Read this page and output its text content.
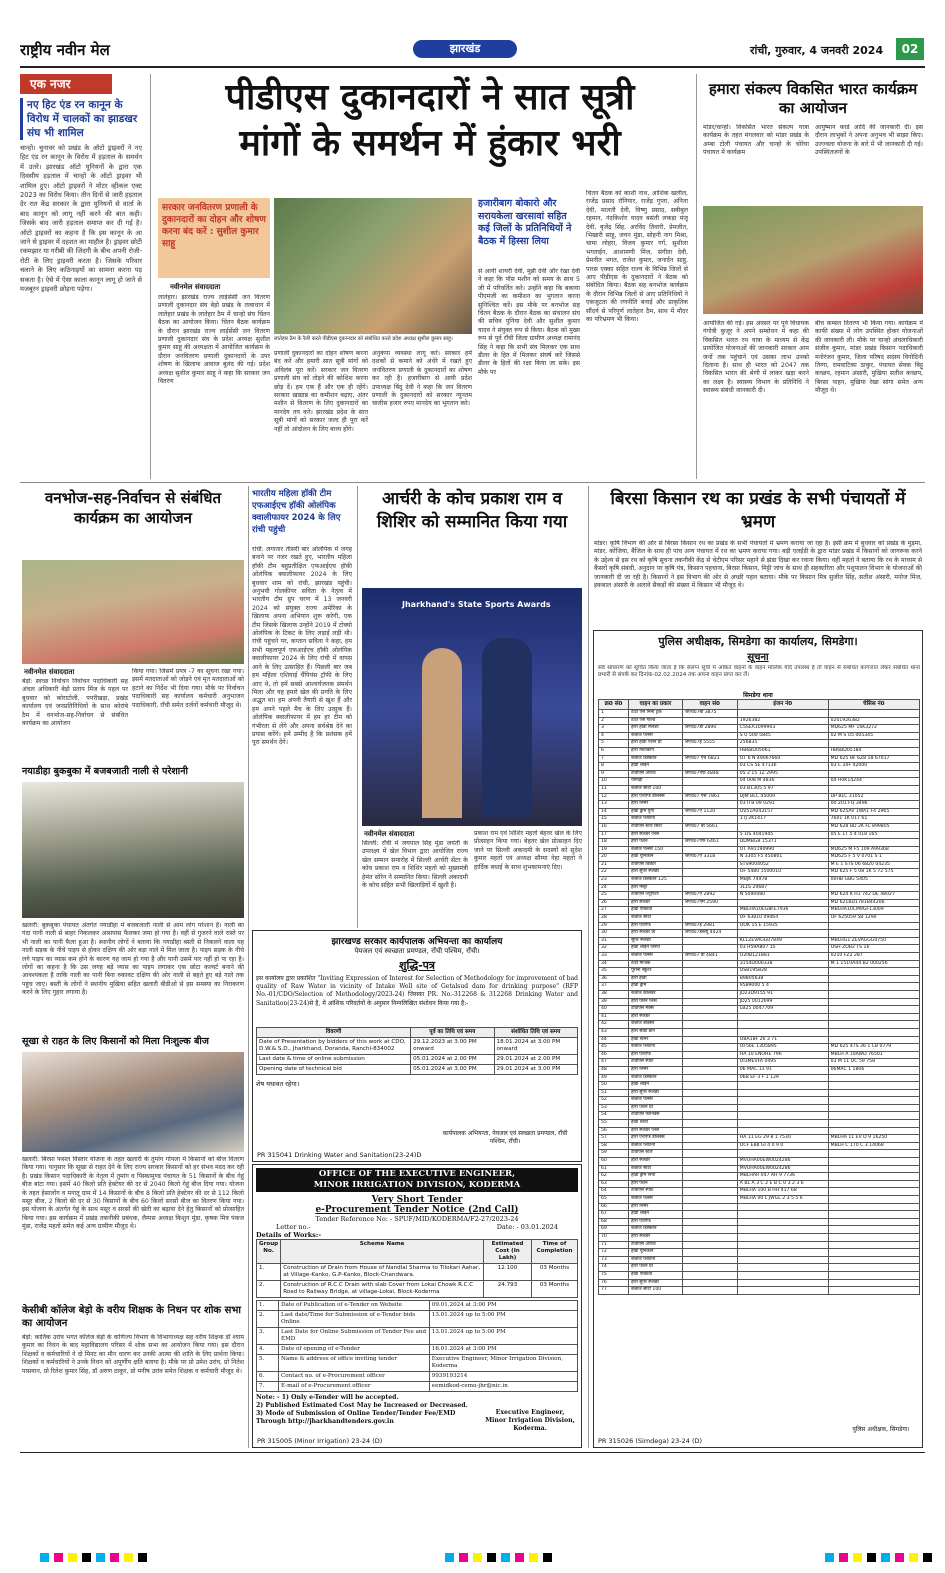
राष्ट्रीय नवीन मेल	झारखंड	रांची, गुरुवार, 4 जनवरी 2024	02
एक नजर
नए हिट एंड रन कानून के विरोध में चालकों का झाडखर संघ भी शामिल
चान्हो। चुनावर को प्रखंड के ऑटो ड्राइवरों ने नए हिट एंड रन कानून के विरोध में हड़ताल के समर्थन में उतरे। झारखंड ऑटो यूनियनों के द्वारा एक दिवसीय हड़ताल में चान्हो के ऑटो ड्राइवर भी शामिल हुए। ऑटो ड्राइवरों ने मोटर व्हीकल एक्ट 2023 का विरोध किया। तीन दिनों से जारी हड़ताल देर रात केंद्र सरकार के द्वारा यूनियनों से वार्ता के बाद कानून को लागू नहीं करने की बात कही। जिसके बाद जारी हड़ताल समाप्त कर दी गई है। ऑटो ड्राइवरों का कहना है कि इस कानून के आ जाने से ड्राइवर में दहशत का माहौल है। ड्राइवर छोटी रकमझार या गरीबी की जिंदगी के बीच अपनी रोजी-रोटी के लिए ड्राइवरी करता है। जिसके परिवार चलाने के लिए कठिनाइयों का सामना करना पड़ सकता है। ऐसे में ऐसा काला कानून लागू हो जाने से मजबूरन ड्राइवरी छोड़ना पड़ेगा।
पीडीएस दुकानदारों ने सात सूत्री
मांगों के समर्थन में हुंकार भरी
सरकार जनवितरण प्रणाली के दुकानदारों का दोहन और शोषण करना बंद करें : सुशील कुमार साहू
लातेहार ठैम के रैली करते पीडीएस दुकानदार को संबोधित करते प्रदेश अध्यक्ष सुशील कुमार साहू।
नवीनमेल संवाददाता
लातेहार। झारखंड राज्य लाईसेंसी जन वितरण प्रणाली दुकानदार संघ बेड़ो प्रखंड के तत्वाधान में लातेहार प्रखंड के लातेहार ठैम में चान्हो संघ चिंतन बैठक का आयोजन किया। चिंतन बैठक कार्यक्रम के दौरान झारखंड राज्य लाईसेंसी जन वितरण प्रणाली दुकानदार संघ के प्रदेश अध्यक्ष सुशील कुमार साहू की अध्यक्षता में आयोजित कार्यक्रम के दौरान जनवितरण प्रणाली दुकानदारों के उपर शोषण के खिलाफ आवाज बुलंद की गई। प्रदेश अध्यक्ष सुशील कुमार साहू ने कहा कि सरकार जन वितरण
प्रणाली दुकानदारों का दोहन शोषण करना बंद करें और हमारी सात सूत्री मांगों को अविलंब पूरा करें। सरकार जन वितरण प्रणाली संघ को तोड़ने की कोशिश करना छोड़ दें। हम एक हैं और एक ही रहेंगे। सरकार खाद्यान्न का कमीशन बढ़ाए, अंतर मशीन से वितरण के लिए दुकानदारों का मानदेय तय करे। झारखंड प्रदेश के सात सूत्री मांगों को सरकार जल्द ही पूरा करें नहीं तो आंदोलन के लिए बाध्य होंगे।
अनुकंपा व्यवस्था लागू करें। सरकार हमें दशकों से कमाने को अंधेरे में रखते हुए जनवितरण प्रणाली के दुकानदारों का शोषण कर रही है। हजारीबाग से आयी प्रदेश उपाध्यक्ष बिंदु देवी ने कहा कि जन वितरण प्रणाली के दुकानदारों को सरकार न्यूनतम चालीस हजार रुपए मानदेय का भुगतान करे।
हजारीबाग बोकारो और सरायकेला खरसावां सहित कई जिलों के प्रतिनिधियों ने बैठक में हिस्सा लिया
से आयी शायरी देवी, मुन्नी देवी और रेखा देवी ने कहा कि पॉस मशीन को समय के साथ 5 जी में परिवर्तित करे। उन्होंने कहा कि बकाया पीएमजी का कमीशन का भुगतान करना सुनिश्चित करें। इस मौके पर बनभोज सह चिंतन बैठक के दौरान बैठक का संचालन संघ की सचिव पुनिया देवी और सुशील कुमार यादव ने संयुक्त रूप से किया। बैठक को मुख्य रूप से पूर्व राँची जिला ग्रामीण अध्यक्ष रामानंद सिंह ने कहा कि सभी संघ मिलकर एक साथ डीलर के हित में मिलकर संघर्ष करें जिससे डीलर के हितों की रक्षा किया जा सके। इस मौके पर
चिंतन बैठक को काशी नाथ, आशिक खलील, राजेंद्र प्रसाद रॉनियार, राजेंद्र गुप्ता, अनिता देवी, मालती देवी, विष्णु प्रसाद, सबीबुल रहमान, नंदकिशोर यादव बसंती लकड़ा मंजू देवी, बृजेंद्र सिंह, अरविंद तिवारी, प्रेमजीत, भिखारी साहू, जयन मुंडा, सोहनी नाग मिश्रा, चामा लोहरा, विजय कुमार गर्ग, सुशीला भगताईन, आशामणी मिंज, संगीता देवी, प्रेमनीत भगत, राजेश कुमार, जनार्दन साहू, पारस एक्का सहित राज्य के विभिन्न जिलों से आए पीडीएस के दुकानदारों ने बैठक को संबोधित किया। बैठक सह बनभोज कार्यक्रम के दौरान विभिन्न जिलों से आए प्रतिनिधियों ने एकजुटता की रणनीति बनाई और प्राकृतिक सौंदर्य से परिपूर्ण लातेहार ठैम, साथ में मौदर का परिभ्रमण भी किया।
हमारा संकल्प विकसित भारत कार्यक्रम का आयोजन
मांडर/चान्हो। विकसित भारत संकल्प यात्रा कार्यक्रम के तहत मंगलवार को मांडर प्रखंड के अम्बा टोली पंचायत और चान्हो के चोरेया पंचायत में कार्यक्रम
आयुष्मान कार्ड आदि की जानकारी दी। इस दौरान लाभुकों ने अपना अनुभव भी साझा किए। उज्ज्वला योजना के बारे में भी जानकारी दी गई। उपस्थितजनों के
आयोजित की गई। इस अवसर पर पूर्व विधायक गंगोत्री कुजूर ने अपने सम्बोधन में कहा की विकसित भारत रथ यात्रा के माध्यम से केंद्र प्रायोजित योजनाओं की जानकारी सरकार आम जनों तक पहुंचाने एवं उसका लाभ उनको दिलाना है। साथ ही भारत को 2047 तक विकसित भारत की श्रेणी में लाकर खड़ा करने का लक्ष्य है। स्वास्थ्य विभाग के प्रतिनिधि ने स्वास्थ्य संबंधी जानकारी दी।
बीच कम्बल वितरण भी किया गया। कार्यक्रम में काफी संख्या में लोग उपस्थित होकर योजनाओं की जानकारी ली। मौके पर चान्हो अंचलाधिकारी संजीव कुमार, मांडर प्रखंड किसान पदाधिकारी मनोरंजन कुमार, जिला परिषद सदस्य विनोदिनी तिग्गा, रामवाटिका ठाकुर, पंचायत सेवक बिट्टू कच्छप, रहमान अंसारी, मुखिया सतीश कच्छप, बिरसा पाहन, मुखिया रेखा सांगा समेत अन्य मौजूद थे।
वनभोज-सह-निर्वाचन से संबंधित कार्यक्रम का आयोजन
नवीनमेल संवाददाता
बेड़ो: स्वच्छ निर्वाचन निर्वाचन पदाधिकारी सह अंचल अधिकारी बेड़ो प्रताप मिंज के पहल पर बुधवार को कोराटोली, पपरीखड़ा, प्रखंड कार्यालय एवं जनप्रतिनिधियों के साथ कोरांबे ठैम में वनभोज-सह-निर्वाचन से संबंधित कार्यक्रम का आयोजन
किया गया। जिसमें प्रपत्र -7 का सूचना रखा गया। इसमें मतदाताओं को जोड़ने एवं मृत मतदाताओं को हटाने का निर्देश भी दिया गया। मौके पर निर्वाचन पदाधिकारी सह कार्यालय कर्मचारी अनुभाजन पदाधिकारी, राँची समेत दर्जनों कर्मचारी मौजूद थे।
नयाडीहा बुकबुका में बजबजाती नाली से परेशानी
खलारी: बुकबुका पंचायत अंतर्गत नयाडीहा में बजबजाती नाली से आम लोग परेशान हैं। नाली का गंदा पानी नाली से बाहर निकलकर आसपास फैलकर जमा हो गया है। वहीं से गुजरने वाले रास्ते पर भी नाली का पानी फैला हुआ है। स्थानीय लोगों ने बताया कि नयाडीहा बस्ती से निकलने वाला यह नाली सड़क के नीचे पाइप से होकर दक्षिण की ओर बड़ा नाले में मिल जाता है। पाइप सड़क के नीचे लगे पाइप का व्यास कम होने के कारण यह जाम हो गया है और पानी उसमें पार नहीं हो पा रहा है। लोगों का कहना है कि उस जगह बड़े व्यास का पाइप लगाकर एक छोटा कल्वर्ट बनाने की आवश्यकता है ताकि नाली का पानी बिना रुकावट दक्षिण की ओर नाली से बहते हुए बड़े नाले तक पहुंच जाए। बस्ती के लोगों ने स्थानीय मुखिया सहित खलारी बीडीओ से इस समस्या का निराकरण करने के लिए गुहार लगाया है।
सूखा से राहत के लिए किसानों को मिला निःशुल्क बीज
खलारी: बिरसा फसल विस्तार योजना के तहत खलारी के तुमांग गोपला में किसानों को बीज वितरण किया गया। यानुसार कि सूखा से राहत देने के लिए राज्य सरकार किसानों को हर संभव मदद कर रही है। प्रखंड किसान पदाधिकारी के नेतृत्व में तुमांग व पिस्कामुण्ड पंचायत के 51 किसानों के बीच गेहूं बीज बांटा गया। इसमें 40 किलो प्रति हेक्टेयर की दर से 2040 किलो गेहूं बीज दिया गया। योजना के तहत हेसालोंग व मनातू ग्राम में 14 किसानों के बीच 8 किलो प्रति हेक्टेयर की दर से 112 किलो मसूर बीज, 2 किलो की दर से 30 किसानों के बीच 60 किलो सरसों बीज का वितरण किया गया। इस योजना के अंतर्गत गेहूं के साथ मसूर व सरसों की खेती का बढ़ावा देने हेतु किसानों को प्रोत्साहित किया गया। इस कार्यक्रम में प्रखंड तकनीकी प्रबंधक, लैम्पस अध्यक्ष किशुन मुंडा, कृषक मित्र पंकज मुंडा, राजेंद्र महतो समेत कई अन्य ग्रामीण मौजूद थे।
केसीबी कॉलेज बेड़ो के वरीय शिक्षक के निधन पर शोक सभा का आयोजन
बेड़ो: कार्तिक उरांव भगत कॉलेज बेड़ो के वाणिज्य विभाग के विभागाध्यक्ष सह वरीय शिक्षक डॉ श्याम कुमार का निधन के बाद महाविद्यालय परिसर में शोक सभा का आयोजन किया गया। इस दौरान शिक्षकों व कर्मचारियों ने दो मिनट का मौन धारण कर उनकी आत्मा की शांति के लिए प्रार्थना किया। शिक्षकों व कर्मचारियों ने उनके निधन को अपूर्णीय क्षति बताया है। मौके पर प्रो उमेश उरांव, प्रो नितेश पासवान, प्रो रितेश कुमार सिंह, डॉ अरुण ठाकुर, प्रो मनीष उरांव समेत शिक्षक व कर्मचारी मौजूद थे।
भारतीय महिला हॉकी टीम एफआईएच हॉकी ओलंपिक क्वालीफायर 2024 के लिए रांची पहुंची
रांची: लगातार तीसरी बार ओलंपिक में जगह बनाने पर नजर रखते हुए, भारतीय महिला हॉकी टीम बहुप्रतीक्षित एफआईएच हॉकी ओलंपिक क्वालीफायर 2024 के लिए बुधवार शाम को रांची, झारखंड पहुंची। अनुभवी गोलकीपर सविता के नेतृत्व में भारतीय टीम ग्रुप चरण में 13 जनवरी 2024 को संयुक्त राज्य अमेरिका के खिलाफ अपना अभियान शुरू करेगी, एक टीम जिसके खिलाफ उन्होंने 2019 में टोक्यो ओलंपिक के टिकट के लिए लड़ाई लड़ी थी। रांची पहुंचने पर, कप्तान सविता ने कहा, हम सभी महत्वपूर्ण एफआईएच हॉकी ओलंपिक क्वालीफायर 2024 के लिए रांची में वापस आने के लिए उत्साहित हैं। पिछली बार जब हम महिला एशियाई चैंपियंस ट्रॉफी के लिए आए थे, तो हमें सबसे आश्चर्यजनक समर्थन मिला और यह हमारे खेल की प्रगति के लिए अद्भुत था। हम अपनी तैयारी से खुश हैं और हम अपने पहले मैच के लिए उत्सुक हैं। ओलंपिक क्वालीफायर में हम हर टीम को गंभीरता से लेंगे और अपना सर्वश्रेष्ठ देने का प्रयास करेंगे। हमें उम्मीद है कि प्रशंसक हमें पूरा समर्थन देंगे।
आर्चरी के कोच प्रकाश राम व शिशिर को सम्मानित किया गया
Jharkhand's State Sports Awards
नवीनमेल संवाददाता
सिल्ली: राँची में जयपाल सिंह मुंडा जयंती के उपलक्ष्य में खेल विभाग द्वारा आयोजित राज्य खेल सम्मान समारोह में सिल्ली आर्चरी सेंटर के कोच प्रकाश राम व शिशिर महतो को मुख्यमंत्री हेमंत सोरेन ने सम्मानित किया। सिल्ली अकादमी के कोच सहित सभी खिलाड़ियों में खुशी है।
प्रकाश राम एवं शिशिर महतो बेहतर खेल के लिए प्रोत्साहन किया गया। बेहतर खेल प्रोत्साहन दिए जाने पर सिल्ली अकादमी के सदस्यों को सुदेश कुमार महतो एवं अध्यक्ष सौम्या नेहा महतो ने हार्दिक बधाई के साथ शुभकामनाएं दिए।
बिरसा किसान रथ का प्रखंड के सभी पंचायतों में भ्रमण
मांडर। कृषि विभाग की ओर से बिरसा किसान रथ का प्रखंड के सभी पंचायतों में भ्रमण कराया जा रहा है। इसी क्रम में बुधवार को प्रखंड के मुड़मा, मांडर, कोंजिया, बैंजिल के साथ ही पांच अन्य पंचायत में रथ का भ्रमण कराया गया। बड़ी एलईडी के द्वारा मांडर प्रखंड में किसानों को जागरूक करने के उद्देश्य से इस रथ को कृषि सूचना तकनीकी केंद्र से चेटीएम परिसर महाने से झंडा दिखा कर रवाना किया। वहीं महतो ने बताया कि रथ के माध्यम से कैंसरों कृषि संबंधी, अनुदान पर कृषि यंत्र, किसान पहचाना, बिरसा किसान, मिट्टी जांच के साथ ही सहकारिता और पशुपालन विभाग के योजनाओं की जानकारी दी जा रही है। किसानों ने इस विभाग की ओर से अच्छी पहल बताया। मौके पर किसान मित्र सुजीत सिंह, सतीश अंसारी, मनोज मिंज, इकबाल अंसारी के अलावे सैकड़ों की संख्या में किसान भी मौजूद थे।
पुलिस अधीक्षक, सिमडेगा का कार्यालय, सिमडेगा।
सूचना
सर्व साधारण को सूचित किया जाता है कि संलग्न सूची में अंकित वाहनों के वाहन मालिक यदि उपलब्ध है तो वाहन से संबंधित कागजात लेकर संबंधित थाना प्रभारी से संपर्क कर दिनांक-02.02.2024 तक अपना वाहन प्राप्त कर लें।
सिमडेगा थाना
क्र0 सं0	वाहन का प्रकार	वाहन सं0	इंजन नं0	चेसिस नं0
1	टाटा एस मिनी ट्रक	जेएच07बी 3875		
2	टाटा एस गोल्ड		1926382	0201926382
3	हीरो होंडा स्प्लेंडर	जेएच07डी 2890	C5SEA1099903	MD625 MF 16K3272
4	बजाज पल्सर		S U 500 5845	02 M S U5 005345
5	हीरो होंडा पैशन प्रो	जेएच07ई 5555	256835	
6	हीरो मोटोकार्प		HB6BD05061	HB6BD05184
7	बजाज डिस्कवर	जेएच07 एच 6821	OT 6 N 49067660	MD 625 BF 6Z8 18 67017
8	होंडा शाइन		03 CS 5E 47136	03 C 20F 42000
9	टीवीएस अपाचे	जेएच07एफ 4848	05 2 15 1Z 2995	
10	यामाहा		04 008 M 4836	04 H0K14244
11	बजाज सीटी 100		03 B1305 5 97	
12	हीरो एचएफ डीलक्स	जेएच07 एस 7861	DJM BLC 45009	DP BLC 31052
13	हीरो ग्लैमर		03 ITB 09 0291	00 201 FQ 3496
14	होंडा ड्रीम युगा	जेएच07ए 1120	OV51A043157	MD 625AV 1WA1 F4 2965
15	बजाज प्लेटिना		1 IJ 2K1417	7601 1K 017 61
16	टीवीएस स्टार सिटी	जेएच07 बी 5661		MD 628 BD 2K FL 899805
17	हीरो स्प्लेंडर प्लस		5 1IS 4041945	05 E 1T 5 4 018 165
18	हीरो पैशन	जेएच07एफ 6461	DDMBGB 15371	
19	बजाज पल्सर 150		OT A91190990	MD625 M F5 109 A99368
20	होंडा यूनिकॉर्न	जेएच07ए 3318	N 3305 F5 450801	MD625 F 5 V 0701 S 1
21	टीवीएस विक्टर		STS9004052	M E 1 STS 06 6820 04235
22	हीरो सुपर स्प्लेंडर		OF 5480 1500010	MD 625 F 5 08 1K 5 72 575
23	बजाज डिस्कवर 125		MBJK 74978	00HB GBG 5405
24	हीरो मेस्ट्रो		3L1S 20687	
25	टीवीएस ज्यूपिटर	जेएच07ए 2892	N 5090080	MD 624 K H1 742 DE 48027
26	हीरो स्प्लेंडर	जेएच07एम 2590		MD 621BD1781B44206
27	होंडा एक्टिवा		MBLHA10EG8FE7936	MBLHA10CM9GF13009
28	बजाज सीटी		OF 63810 09464	OF 625059 5B 1290
29	हीरो एचएफ	जेएच07ई 2981	OOK 15 E 15935	
30	हीरो स्प्लेंडर प्रो	जेएच07डब्ल्यू 4424		
31	सुपर स्प्लेंडर		KL1ZEVAGG07849	MBLHG1 ZEVAGGG0750
32	होंडा शाइन एसपी		03 H59A807 15	OSH ZOB2 TS 16
33	बजाज पल्सर	जेएच07 डी 4841	O2IIB121881	0210 FZ2 287
34	टाटा मैजिक		3154D000338	M 1 1510A44 B2 000256
35	पुराना स्कूटर		OSB195828	
36	हीरो होंडा		B9805638	
37	होंडा ड्रीम		9589000 5 4	
38	बजाज कैलिबर		JD23D9155 91	
39	हीरो पैशन प्लस		JD25 0012699	
40	टीवीएस मैक्स		LB25 0047709	
41	हीरो स्प्लेंडर			
42	बजाज बॉक्सर			
43	हीरो सीडी डॉन			
44	होंडा स्टनर		OBA18F 26 3 71	
45	बजाज प्लेटिना		OF56E 1305895	MD 625 47S 36 1 CB 0779
46	हीरो एचएफ		HA 10 ENOHE 796	MBLH A 10AWD 76501
47	टीवीएस स्पोर्ट		OI3MEVFA 0495	03 M 11 OC 59 758
48	हीरो ग्लैमर		06 MAC 13 91	06MAC 1 1806
49	बजाज डिस्कवर		06B EF 3 F 1 129	
50	होंडा शाइन			
51	हीरो सुपर स्प्लेंडर			
52	बजाज पल्सर			
53	हीरो पैशन प्रो			
54	टीवीएस फीनिक्स			
55	होंडा लिवो			
56	हीरो स्प्लेंडर प्लस			
57	हीरो एचएफ डीलक्स		HA 11 EG 29 8 1 7530	MBLHA 11 EV D 9 16250
58	बजाज प्लेटिना		OCF E88 GI 4 0 9 0	MBLH C 170 C 3 14068
59	टीवीएस स्टार			
60	हीरो स्प्लेंडर		MVUHA00EW0024286	
61	बजाज सीटी		MVUHA00EW0024286	
62	होंडा ड्रीम नियो		MBLHAR 047 AH 9 7736	
63	हीरो पैशन		A BL A 3 C 2 E B C 0 3 2 3 6	
64	टीवीएस स्पोर्ट		MBLHA 100 B HH 417 68	
65	बजाज पल्सर		MBLHA 00 L JWGL 2 3 5 5 6	
66	हीरो ग्लैमर			
67	होंडा शाइन			
68	हीरो एचएफ			
69	बजाज डिस्कवर			
70	हीरो स्प्लेंडर			
71	टीवीएस अपाचे			
72	होंडा यूनिकॉर्न			
73	बजाज प्लेटिना			
74	हीरो पैशन प्रो			
75	होंडा एक्टिवा			
76	हीरो सुपर स्प्लेंडर			
77	बजाज सीटी 100			
पुलिस अधीक्षक, सिमडेगा।
PR 315026 (Simdega) 23-24 (D)
झारखण्ड सरकार कार्यपालक अभियन्ता का कार्यालय
पेयजल एवं स्वच्छता प्रमण्डल, राँची पश्चिम, राँची।
शुद्धि-पत्र
इस कार्यालय द्वारा प्रकाशित "Inviting Expression of Interest for Selection of Methodology for improvement of bad quality of Raw Water in vicinity of Intake Well site of Getalsud dam for drinking purpose" (RFP No.-01/CDO/Selection of Methodology/2023-24) जिसका PR. No.-312268 & 312268 Drinking Water and Sanitation(23-24)से है, में आंशिक परिवर्तनों के अनुसार निम्नलिखित संशोधन किया गया है:-
विवरणी	पूर्व का तिथि एवं समय	संशोधित तिथि एवं समय
Date of Presentation by bidders of this work at CDO, D.W.& S.D., Jharkhand, Doranda, Ranchi-834002	29.12.2023 at 3.00 PM onward	18.01.2024 at 3.00 PM onward
Last date & time of online submission	05.01.2024 at 2.00 PM	29.01.2024 at 2.00 PM
Opening date of technical bid	05.01.2024 at 3.00 PM	29.01.2024 at 3.00 PM
शेष यथावत रहेगा।
कार्यपालक अभियन्ता, पेयजल एवं स्वच्छता प्रमण्डल, राँची पश्चिम, राँची।
PR 315041 Drinking Water and Sanitation(23-24)D
OFFICE OF THE EXECUTIVE ENGINEER,
MINOR IRRIGATION DIVISION, KODERMA
Very Short Tender
e-Procurement Tender Notice (2nd Call)
Tender Reference No: - SPUF/MID/KODERMA/F2-27/2023-24
Letter no.-	Date: - 03.01.2024
Details of Works:-
Group No.	Scheme Name	Estimated Cost (In Lakh)	Time of Completion
1.	Construction of Drain from House of Nandlal Sharma to Tilokari Aahar, at Village-Kanko, G.P-Kanko, Block-Chandwara.	12.100	03 Months
2.	Construction of R.C.C Drain with slab Cover from Lokai Chowk R.C.C Road to Railway Bridge, at village-Lokai, Block-Koderma	24.793	03 Months
1.	Date of Publication of e-Tender on Website	09.01.2024 at 3:00 PM
2.	Last date/Time for Submission of e-Tender bids Online	13.01.2024 up to 5:00 PM
3.	Last Date for Online Submission of Tender Fee and EMD	13.01.2024 up to 5:00 PM
4.	Date of opening of e-Tender	16.01.2024 at 3:00 PM
5.	Name & address of office inviting tender	Executive Engineer, Minor Irrigation Division, Koderma
6.	Contact no. of e-Procurement officer	9939193214
7.	E-mail of e-Procurement officer	eemidkod-cemu-jhr@nic.in
Note: - 1) Only e-Tender will be accepted.
2) Published Estimated Cost May be Increased or Decreased.
3) Mode of Submission of Online Tender/Tender Fee/EMD Through http://jharkhandtenders.gov.in
Executive Engineer, Minor Irrigation Division, Koderma.
PR 315005 (Minor Irrigation) 23-24 (D)
